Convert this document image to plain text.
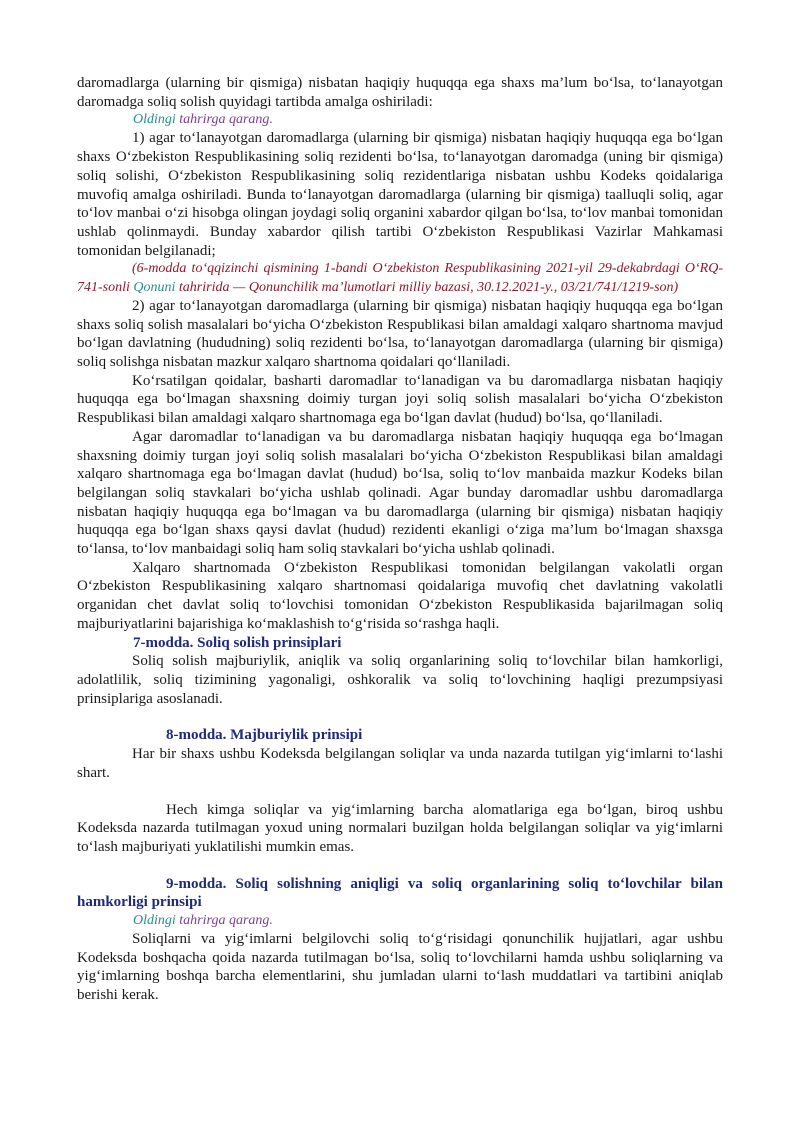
daromadlarga (ularning bir qismiga) nisbatan haqiqiy huquqqa ega shaxs ma’lum bo‘lsa, to‘lanayotgan daromadga soliq solish quyidagi tartibda amalga oshiriladi:

Oldingi tahrirga qarang.

1) agar to‘lanayotgan daromadlarga (ularning bir qismiga) nisbatan haqiqiy huquqqa ega bo‘lgan shaxs O‘zbekiston Respublikasining soliq rezidenti bo‘lsa, to‘lanayotgan daromadga (uning bir qismiga) soliq solishi, O‘zbekiston Respublikasining soliq rezidentlariga nisbatan ushbu Kodeks qoidalariga muvofiq amalga oshiriladi. Bunda to‘lanayotgan daromadlarga (ularning bir qismiga) taalluqli soliq, agar to‘lov manbai o‘zi hisobga olingan joydagi soliq organini xabardor qilgan bo‘lsa, to‘lov manbai tomonidan ushlab qolinmaydi. Bunday xabardor qilish tartibi O‘zbekiston Respublikasi Vazirlar Mahkamasi tomonidan belgilanadi;

(6-modda to‘qqizinchi qismining 1-bandi O‘zbekiston Respublikasining 2021-yil 29-dekabrdagi O‘RQ-741-sonli Qonuni tahririda — Qonunchilik ma’lumotlari milliy bazasi, 30.12.2021-y., 03/21/741/1219-son)

2) agar to‘lanayotgan daromadlarga (ularning bir qismiga) nisbatan haqiqiy huquqqa ega bo‘lgan shaxs soliq solish masalalari bo‘yicha O‘zbekiston Respublikasi bilan amaldagi xalqaro shartnoma mavjud bo‘lgan davlatning (hududning) soliq rezidenti bo‘lsa, to‘lanayotgan daromadlarga (ularning bir qismiga) soliq solishga nisbatan mazkur xalqaro shartnoma qoidalari qo‘llaniladi.

Ko‘rsatilgan qoidalar, basharti daromadlar to‘lanadigan va bu daromadlarga nisbatan haqiqiy huquqqa ega bo‘lmagan shaxsning doimiy turgan joyi soliq solish masalalari bo‘yicha O‘zbekiston Respublikasi bilan amaldagi xalqaro shartnomaga ega bo‘lgan davlat (hudud) bo‘lsa, qo‘llaniladi.

Agar daromadlar to‘lanadigan va bu daromadlarga nisbatan haqiqiy huquqqa ega bo‘lmagan shaxsning doimiy turgan joyi soliq solish masalalari bo‘yicha O‘zbekiston Respublikasi bilan amaldagi xalqaro shartnomaga ega bo‘lmagan davlat (hudud) bo‘lsa, soliq to‘lov manbaida mazkur Kodeks bilan belgilangan soliq stavkalari bo‘yicha ushlab qolinadi. Agar bunday daromadlar ushbu daromadlarga nisbatan haqiqiy huquqqa ega bo‘lmagan va bu daromadlarga (ularning bir qismiga) nisbatan haqiqiy huquqqa ega bo‘lgan shaxs qaysi davlat (hudud) rezidenti ekanligi o‘ziga ma’lum bo‘lmagan shaxsga to‘lansa, to‘lov manbaidagi soliq ham soliq stavkalari bo‘yicha ushlab qolinadi.

Xalqaro shartnomada O‘zbekiston Respublikasi tomonidan belgilangan vakolatli organ O‘zbekiston Respublikasining xalqaro shartnomasi qoidalariga muvofiq chet davlatning vakolatli organidan chet davlat soliq to‘lovchisi tomonidan O‘zbekiston Respublikasida bajarilmagan soliq majburiyatlarini bajarishiga ko‘maklashish to‘g‘risida so‘rashga haqli.

7-modda. Soliq solish prinsiplari

Soliq solish majburiylik, aniqlik va soliq organlarining soliq to‘lovchilar bilan hamkorligi, adolatlilik, soliq tizimining yagonaligi, oshkoralik va soliq to‘lovchining haqligi prezumpsiyasi prinsiplariga asoslanadi.

8-modda. Majburiylik prinsipi

Har bir shaxs ushbu Kodeksda belgilangan soliqlar va unda nazarda tutilgan yig‘imlarni to‘lashi shart.

Hech kimga soliqlar va yig‘imlarning barcha alomatlariga ega bo‘lgan, biroq ushbu Kodeksda nazarda tutilmagan yoxud uning normalari buzilgan holda belgilangan soliqlar va yig‘imlarni to‘lash majburiyati yuklatilishi mumkin emas.

9-modda. Soliq solishning aniqligi va soliq organlarining soliq to‘lovchilar bilan hamkorligi prinsipi

Oldingi tahrirga qarang.

Soliqlarni va yig‘imlarni belgilovchi soliq to‘g‘risidagi qonunchilik hujjatlari, agar ushbu Kodeksda boshqacha qoida nazarda tutilmagan bo‘lsa, soliq to‘lovchilarni hamda ushbu soliqlarning va yig‘imlarning boshqa barcha elementlarini, shu jumladan ularni to‘lash muddatlari va tartibini aniqlab berishi kerak.
